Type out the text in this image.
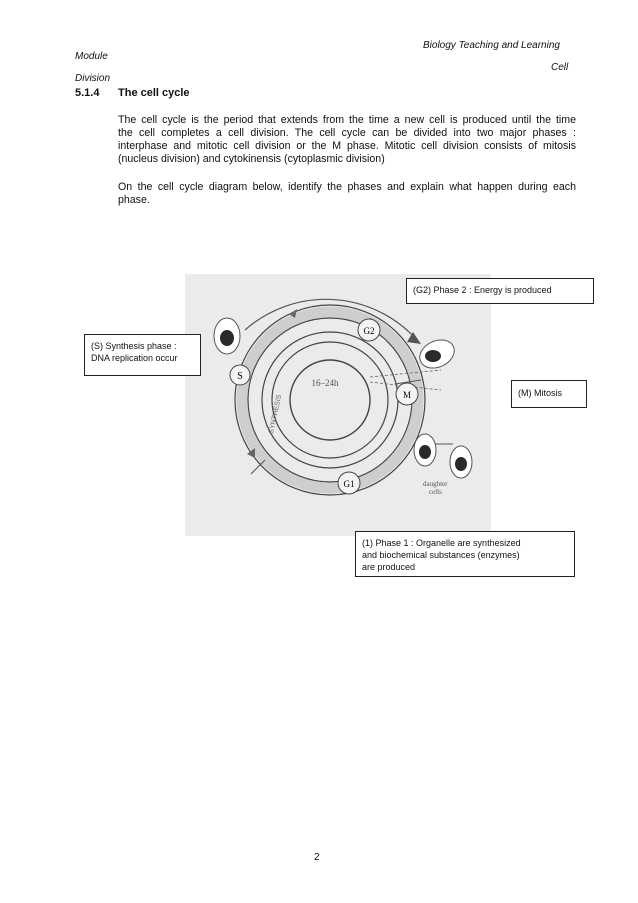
Biology Teaching and Learning
Module
Cell
Division
5.1.4 The cell cycle
The cell cycle is the period that extends from the time a new cell is produced until the time
the cell completes a cell division. The cell cycle can be divided into two major phases :
interphase and mitotic cell division or the M phase. Mitotic cell division consists of mitosis
(nucleus division) and cytokinensis (cytoplasmic division)
On the cell cycle diagram below, identify the phases and explain what happen during each
phase.
S
G2
M
G1
16–24h
SYNTHESIS
daughter
cells
(G2) Phase 2 : Energy is produced
(S) Synthesis phase :
DNA replication occur
(M) Mitosis
(1) Phase 1 : Organelle are synthesized
and biochemical substances (enzymes)
are produced
2
